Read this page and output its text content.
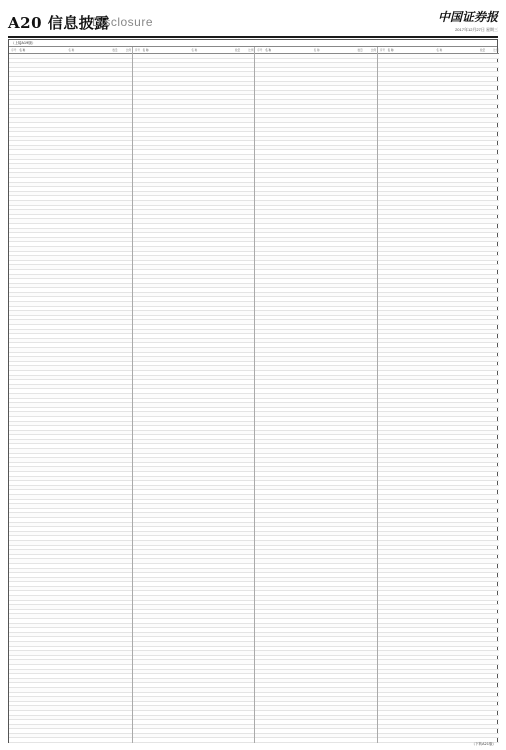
A20 信息披露
Disclosure	中国证券报
2017年12月27日 星期三
（上接A19版）
序号	名 称	名 称	数量	比例	序号	名 称	名 称	数量	比例	序号	名 称	名 称	数量	比例	序号	名 称	名 称	数量	比例
（下转A21版）
